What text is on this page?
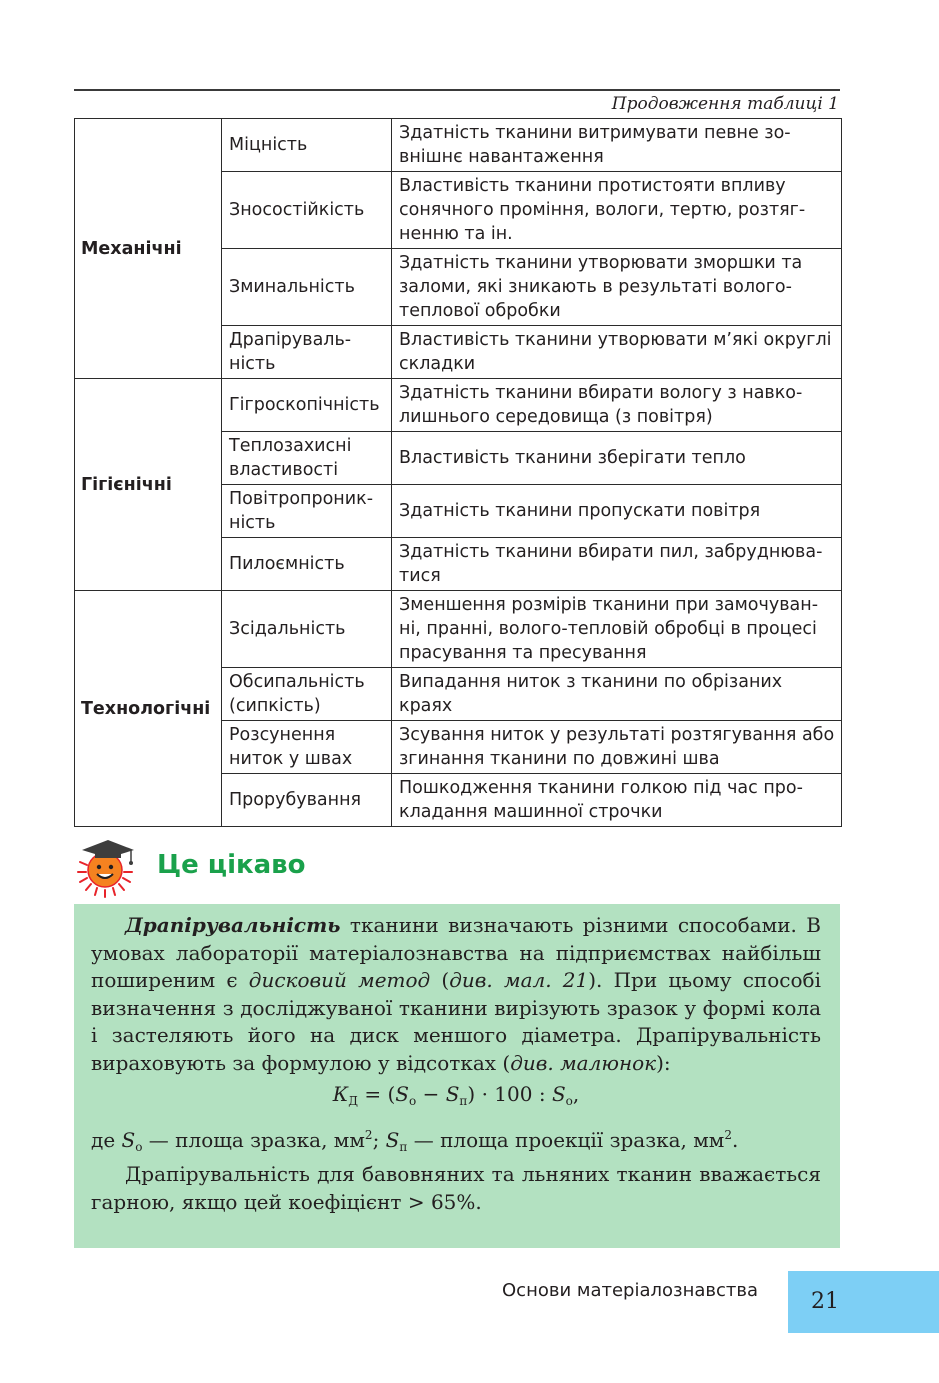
Продовження таблиці 1
Механічні	Міцність	Здатність тканини витримувати певне зо-внішнє навантаження
	Зносостійкість	Властивість тканини протистояти впливу сонячного проміння, вологи, тертю, розтяг-ненню та ін.
	Зминальність	Здатність тканини утворювати зморшки та заломи, які зникають в результаті волого-теплової обробки
	Драпіруваль-ність	Властивість тканини утворювати м’які округлі складки
Гігієнічні	Гігроскопічність	Здатність тканини вбирати вологу з навко-лишнього середовища (з повітря)
	Теплозахисні властивості	Властивість тканини зберігати тепло
	Повітропроник-ність	Здатність тканини пропускати повітря
	Пилоємність	Здатність тканини вбирати пил, забруднюва-тися
Технологічні	Зсідальність	Зменшення розмірів тканини при замочуван-ні, пранні, волого-тепловій обробці в процесі прасування та пресування
	Обсипальність (сипкість)	Випадання ниток з тканини по обрізаних краях
	Розсунення ниток у швах	Зсування ниток у результаті розтягування або згинання тканини по довжині шва
	Прорубування	Пошкодження тканини голкою під час про-кладання машинної строчки
Це цікаво

Драпірувальність тканини визначають різними способами. В умовах лабораторії матеріалознавства на підприємствах найбільш поширеним є дисковий метод (див. мал. 21). При цьому способі визначення з досліджуваної тканини вирізують зразок у формі кола і застеляють його на диск меншого діаметра. Драпірувальність вираховують за формулою у відсотках (див. малюнок):

$К_Д = (S_о - S_п) \cdot 100$ : $S_о$,

де $S_о$ — площа зразка, $мм^2$; $S_п$ — площа проекції зразка, $мм^2$.

Драпірувальність для бавовняних та льняних тканин вважається гарною, якщо цей коефіцієнт > 65%.

Основи матеріалознавства	21
